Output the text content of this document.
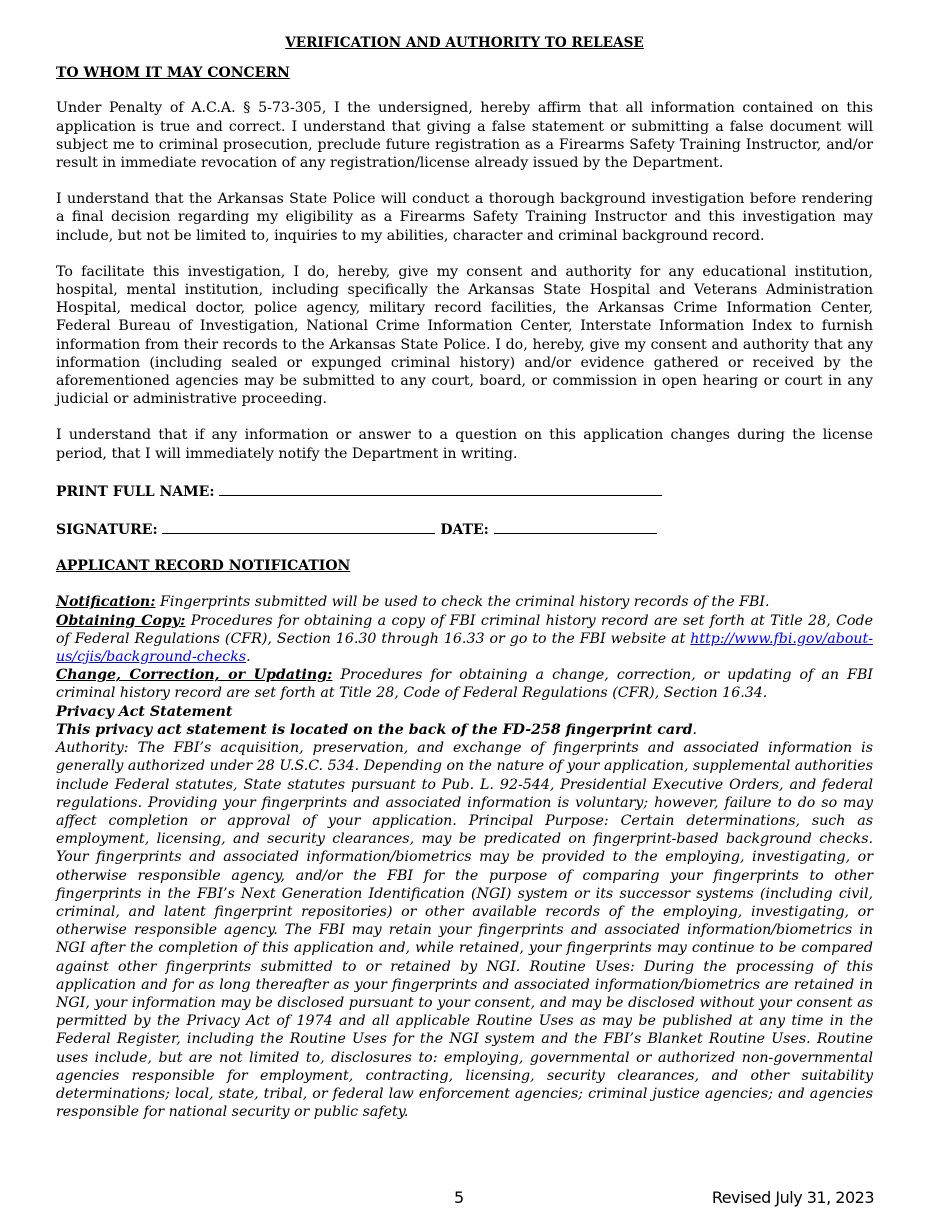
VERIFICATION AND AUTHORITY TO RELEASE
TO WHOM IT MAY CONCERN

Under Penalty of A.C.A. § 5-73-305, I the undersigned, hereby affirm that all information contained on this application is true and correct. I understand that giving a false statement or submitting a false document will subject me to criminal prosecution, preclude future registration as a Firearms Safety Training Instructor, and/or result in immediate revocation of any registration/license already issued by the Department.

I understand that the Arkansas State Police will conduct a thorough background investigation before rendering a final decision regarding my eligibility as a Firearms Safety Training Instructor and this investigation may include, but not be limited to, inquiries to my abilities, character and criminal background record.

To facilitate this investigation, I do, hereby, give my consent and authority for any educational institution, hospital, mental institution, including specifically the Arkansas State Hospital and Veterans Administration Hospital, medical doctor, police agency, military record facilities, the Arkansas Crime Information Center, Federal Bureau of Investigation, National Crime Information Center, Interstate Information Index to furnish information from their records to the Arkansas State Police. I do, hereby, give my consent and authority that any information (including sealed or expunged criminal history) and/or evidence gathered or received by the aforementioned agencies may be submitted to any court, board, or commission in open hearing or court in any judicial or administrative proceeding.

I understand that if any information or answer to a question on this application changes during the license period, that I will immediately notify the Department in writing.

PRINT FULL NAME:
SIGNATURE:	DATE:
APPLICANT RECORD NOTIFICATION

Notification: Fingerprints submitted will be used to check the criminal history records of the FBI.

Obtaining Copy: Procedures for obtaining a copy of FBI criminal history record are set forth at Title 28, Code of Federal Regulations (CFR), Section 16.30 through 16.33 or go to the FBI website at http://www.fbi.gov/about-us/cjis/background-checks.

Change, Correction, or Updating: Procedures for obtaining a change, correction, or updating of an FBI criminal history record are set forth at Title 28, Code of Federal Regulations (CFR), Section 16.34.

Privacy Act Statement

This privacy act statement is located on the back of the FD-258 fingerprint card.

Authority: The FBI’s acquisition, preservation, and exchange of fingerprints and associated information is generally authorized under 28 U.S.C. 534. Depending on the nature of your application, supplemental authorities include Federal statutes, State statutes pursuant to Pub. L. 92-544, Presidential Executive Orders, and federal regulations. Providing your fingerprints and associated information is voluntary; however, failure to do so may affect completion or approval of your application. Principal Purpose: Certain determinations, such as employment, licensing, and security clearances, may be predicated on fingerprint-based background checks. Your fingerprints and associated information/biometrics may be provided to the employing, investigating, or otherwise responsible agency, and/or the FBI for the purpose of comparing your fingerprints to other fingerprints in the FBI’s Next Generation Identification (NGI) system or its successor systems (including civil, criminal, and latent fingerprint repositories) or other available records of the employing, investigating, or otherwise responsible agency. The FBI may retain your fingerprints and associated information/biometrics in NGI after the completion of this application and, while retained, your fingerprints may continue to be compared against other fingerprints submitted to or retained by NGI. Routine Uses: During the processing of this application and for as long thereafter as your fingerprints and associated information/biometrics are retained in NGI, your information may be disclosed pursuant to your consent, and may be disclosed without your consent as permitted by the Privacy Act of 1974 and all applicable Routine Uses as may be published at any time in the Federal Register, including the Routine Uses for the NGI system and the FBI’s Blanket Routine Uses. Routine uses include, but are not limited to, disclosures to: employing, governmental or authorized non-governmental agencies responsible for employment, contracting, licensing, security clearances, and other suitability determinations; local, state, tribal, or federal law enforcement agencies; criminal justice agencies; and agencies responsible for national security or public safety.

5	Revised July 31, 2023
